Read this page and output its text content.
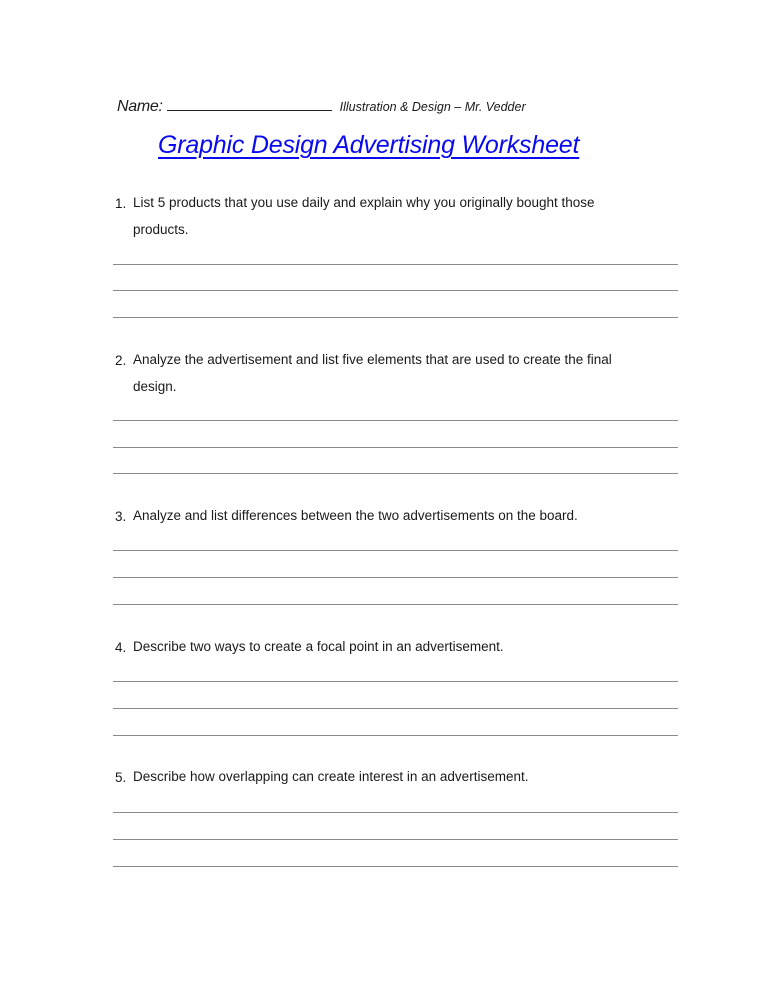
Name:	Illustration & Design – Mr. Vedder
Graphic Design Advertising Worksheet
1. List 5 products that you use daily and explain why you originally bought those
products.
2. Analyze the advertisement and list five elements that are used to create the final
design.
3. Analyze and list differences between the two advertisements on the board.
4. Describe two ways to create a focal point in an advertisement.
5. Describe how overlapping can create interest in an advertisement.
